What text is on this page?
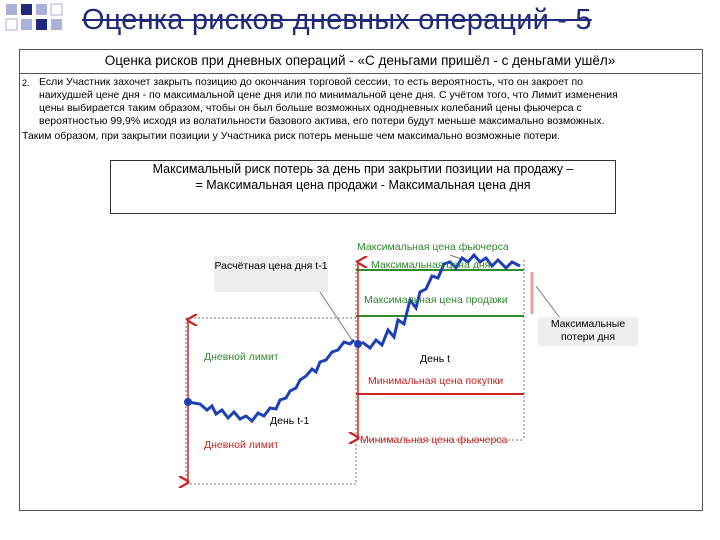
Оценка рисков дневных операций - 5
Оценка рисков при дневных операций - «С деньгами пришёл - с деньгами ушёл»
2. Если Участник захочет закрыть позицию до окончания торговой сессии, то есть вероятность, что он закроет по
наихудшей цене дня - по максимальной цене дня или по минимальной цене дня. С учётом того, что Лимит изменения
цены выбирается таким образом, чтобы он был больше возможных однодневных колебаний цены фьючерса с
вероятностью 99,9% исходя из волатильности базового актива, его потери будут меньше максимально возможных.
Таким образом, при закрытии позиции у Участника риск потерь меньше чем максимально возможные потери.
Максимальный риск потерь за день при закрытии позиции на продажу –
= Максимальная цена продажи - Максимальная цена дня
Максимальная цена фьючерса
Максимальная цена дня
Максимальная цена продажи
Дневной лимит	День t
Минимальная цена покупки
День t-1
Дневной лимит	Минимальная цена фьючерса
Расчётная цена дня t-1
Максимальные потери дня
